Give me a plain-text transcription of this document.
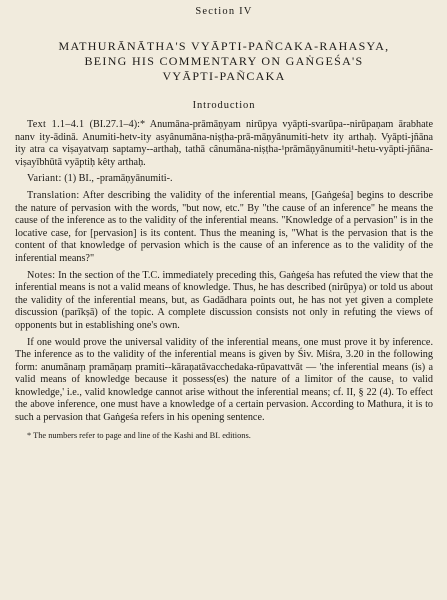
Section IV
MATHURĀNĀTHA'S VYĀPTI-PAÑCAKA-RAHASYA,
BEING HIS COMMENTARY ON GAṄGEŚA'S
VYĀPTI-PAÑCAKA
Introduction

Text 1.1–4.1 (BI.27.1–4):* Anumāna-prāmāṇyam nirūpya vyāpti-svarūpa--nirūpaṇam ārabhate nanv ity-ādinā. Anumiti-hetv-ity asyânumāna-niṣṭha-prā-māṇyânumiti-hetv ity arthaḥ. Vyāpti-jñāna ity atra ca viṣayatvaṃ saptamy--arthaḥ, tathā cânumāna-niṣṭha-¹prāmāṇyânumiti¹-hetu-vyāpti-jñāna-viṣayībhūtā vyāptiḥ kêty arthaḥ.

Variant: (1) BI., -pramāṇyānumiti-.

Translation: After describing the validity of the inferential means, [Gaṅgeśa] begins to describe the nature of pervasion with the words, "but now, etc." By "the cause of an inference" he means the cause of the inference as to the validity of the inferential means. "Knowledge of a pervasion" is in the locative case, for [pervasion] is its content. Thus the meaning is, "What is the pervasion that is the content of that knowledge of pervasion which is the cause of an inference as to the validity of the inferential means?"

Notes: In the section of the T.C. immediately preceding this, Gaṅgeśa has refuted the view that the inferential means is not a valid means of knowledge. Thus, he has described (nirūpya) or told us about the validity of the inferential means, but, as Gadādhara points out, he has not yet given a complete discussion (parīkṣā) of the topic. A complete discussion consists not only in refuting the views of opponents but in establishing one's own.

If one would prove the universal validity of the inferential means, one must prove it by inference. The inference as to the validity of the inferential means is given by Śiv. Miśra, 3.20 in the following form: anumānaṃ pramāṇaṃ pramiti--kāraṇatāvacchedaka-rūpavattvāt — 'the inferential means (is) a valid means of knowledge because it possess(es) the nature of a limitor of the cause₁ to valid knowledge,' i.e., valid knowledge cannot arise without the inferential means; cf. II, § 22 (4). To effect the above inference, one must have a knowledge of a certain pervasion. According to Mathura, it is to such a pervasion that Gaṅgeśa refers in his opening sentence.

* The numbers refer to page and line of the Kashi and BI. editions.
